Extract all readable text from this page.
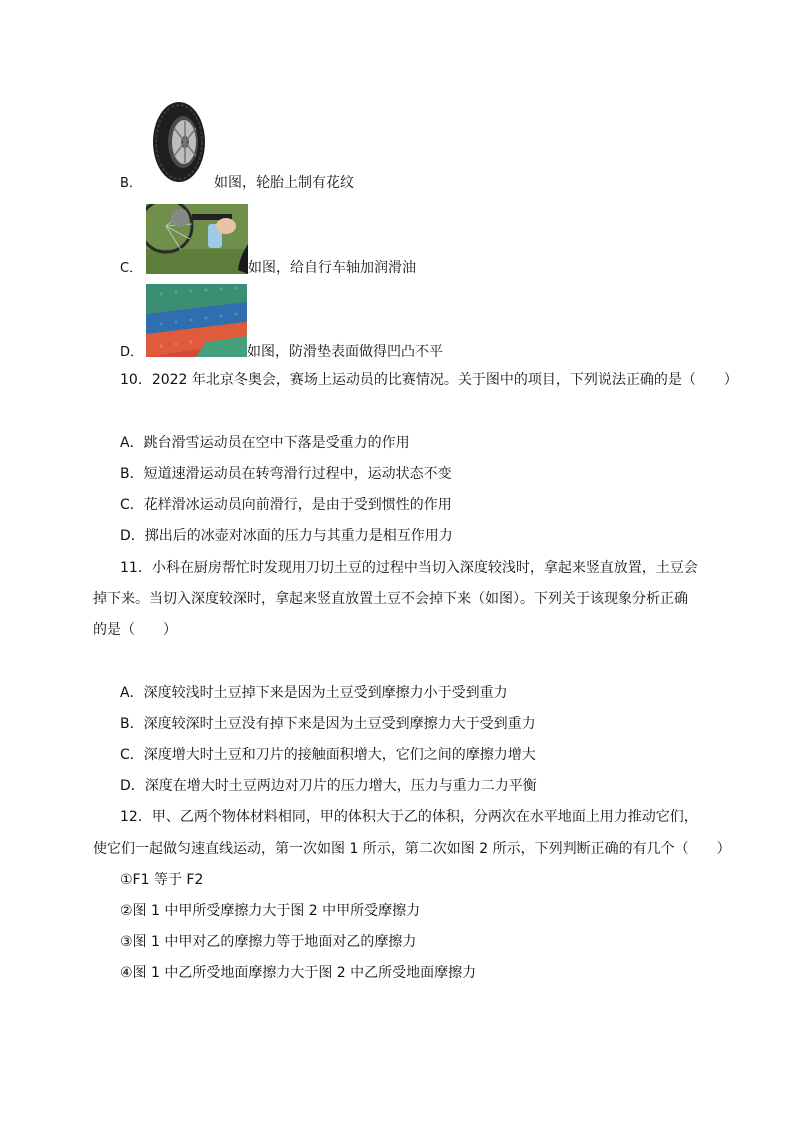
B．	如图，轮胎上制有花纹
C．	如图，给自行车轴加润滑油
D．	如图，防滑垫表面做得凹凸不平
10．2022 年北京冬奥会，赛场上运动员的比赛情况。关于图中的项目，下列说法正确的是（　　）
A．跳台滑雪运动员在空中下落是受重力的作用
B．短道速滑运动员在转弯滑行过程中，运动状态不变
C．花样滑冰运动员向前滑行，是由于受到惯性的作用
D．掷出后的冰壶对冰面的压力与其重力是相互作用力
11．小科在厨房帮忙时发现用刀切土豆的过程中当切入深度较浅时，拿起来竖直放置，土豆会
掉下来。当切入深度较深时，拿起来竖直放置土豆不会掉下来（如图）。下列关于该现象分析正确
的是（　　）
A．深度较浅时土豆掉下来是因为土豆受到摩擦力小于受到重力
B．深度较深时土豆没有掉下来是因为土豆受到摩擦力大于受到重力
C．深度增大时土豆和刀片的接触面积增大，它们之间的摩擦力增大
D．深度在增大时土豆两边对刀片的压力增大，压力与重力二力平衡
12．甲、乙两个物体材料相同，甲的体积大于乙的体积，分两次在水平地面上用力推动它们，
使它们一起做匀速直线运动，第一次如图 1 所示，第二次如图 2 所示，下列判断正确的有几个（　　）
①F1 等于 F2
②图 1 中甲所受摩擦力大于图 2 中甲所受摩擦力
③图 1 中甲对乙的摩擦力等于地面对乙的摩擦力
④图 1 中乙所受地面摩擦力大于图 2 中乙所受地面摩擦力
